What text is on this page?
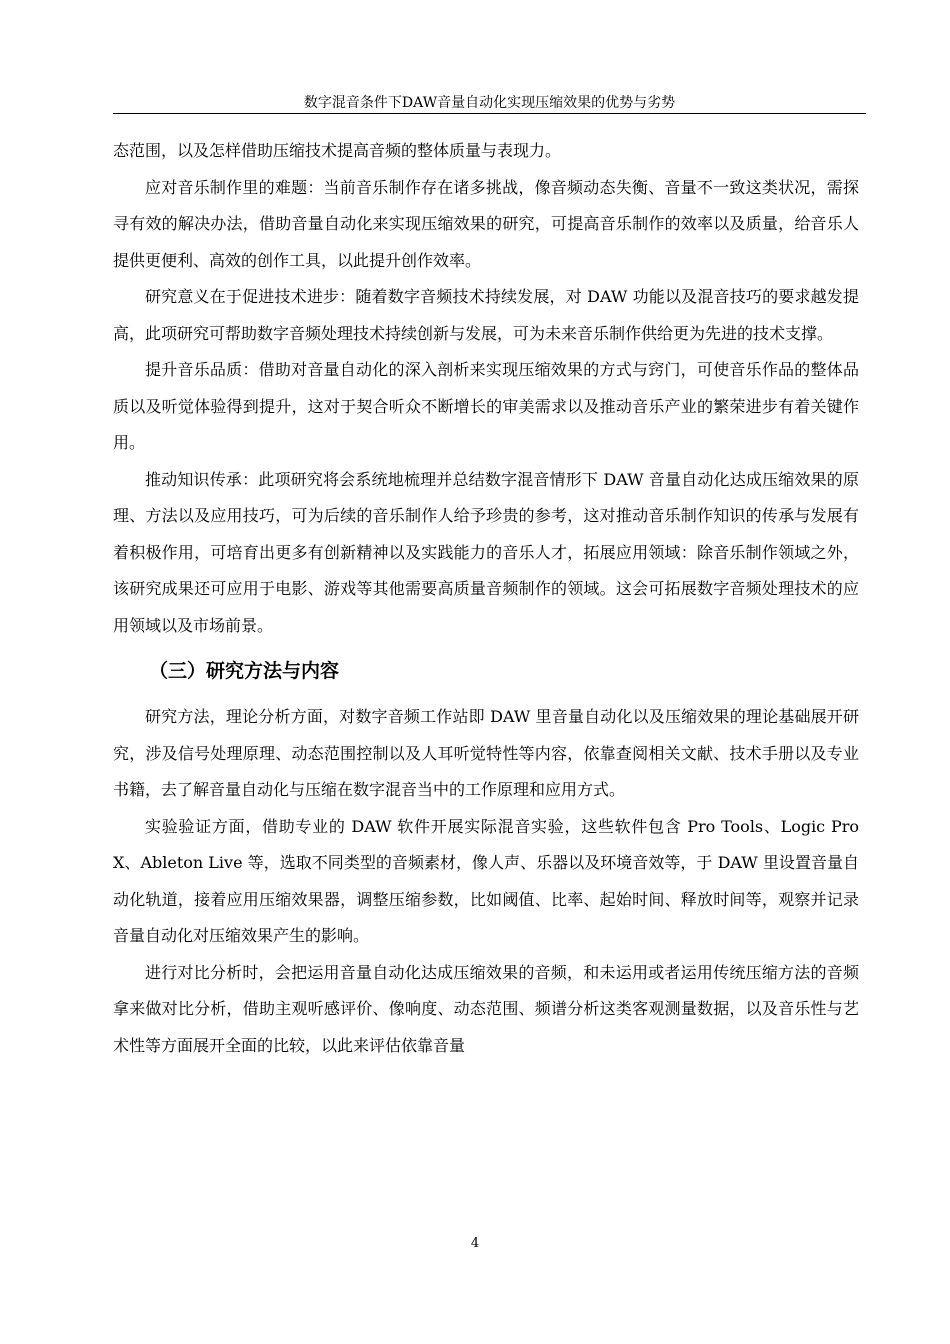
数字混音条件下DAW音量自动化实现压缩效果的优势与劣势

态范围，以及怎样借助压缩技术提高音频的整体质量与表现力。

应对音乐制作里的难题：当前音乐制作存在诸多挑战，像音频动态失衡、音量不一致这类状况，需探寻有效的解决办法，借助音量自动化来实现压缩效果的研究，可提高音乐制作的效率以及质量，给音乐人提供更便利、高效的创作工具，以此提升创作效率。

研究意义在于促进技术进步：随着数字音频技术持续发展，对 DAW 功能以及混音技巧的要求越发提高，此项研究可帮助数字音频处理技术持续创新与发展，可为未来音乐制作供给更为先进的技术支撑。

提升音乐品质：借助对音量自动化的深入剖析来实现压缩效果的方式与窍门，可使音乐作品的整体品质以及听觉体验得到提升，这对于契合听众不断增长的审美需求以及推动音乐产业的繁荣进步有着关键作用。

推动知识传承：此项研究将会系统地梳理并总结数字混音情形下 DAW 音量自动化达成压缩效果的原理、方法以及应用技巧，可为后续的音乐制作人给予珍贵的参考，这对推动音乐制作知识的传承与发展有着积极作用，可培育出更多有创新精神以及实践能力的音乐人才，拓展应用领域：除音乐制作领域之外，该研究成果还可应用于电影、游戏等其他需要高质量音频制作的领域。这会可拓展数字音频处理技术的应用领域以及市场前景。

（三）研究方法与内容

研究方法，理论分析方面，对数字音频工作站即 DAW 里音量自动化以及压缩效果的理论基础展开研究，涉及信号处理原理、动态范围控制以及人耳听觉特性等内容，依靠查阅相关文献、技术手册以及专业书籍，去了解音量自动化与压缩在数字混音当中的工作原理和应用方式。

实验验证方面，借助专业的 DAW 软件开展实际混音实验，这些软件包含 Pro Tools、Logic Pro X、Ableton Live 等，选取不同类型的音频素材，像人声、乐器以及环境音效等，于 DAW 里设置音量自动化轨道，接着应用压缩效果器，调整压缩参数，比如阈值、比率、起始时间、释放时间等，观察并记录音量自动化对压缩效果产生的影响。

进行对比分析时，会把运用音量自动化达成压缩效果的音频，和未运用或者运用传统压缩方法的音频拿来做对比分析，借助主观听感评价、像响度、动态范围、频谱分析这类客观测量数据，以及音乐性与艺术性等方面展开全面的比较，以此来评估依靠音量

4
